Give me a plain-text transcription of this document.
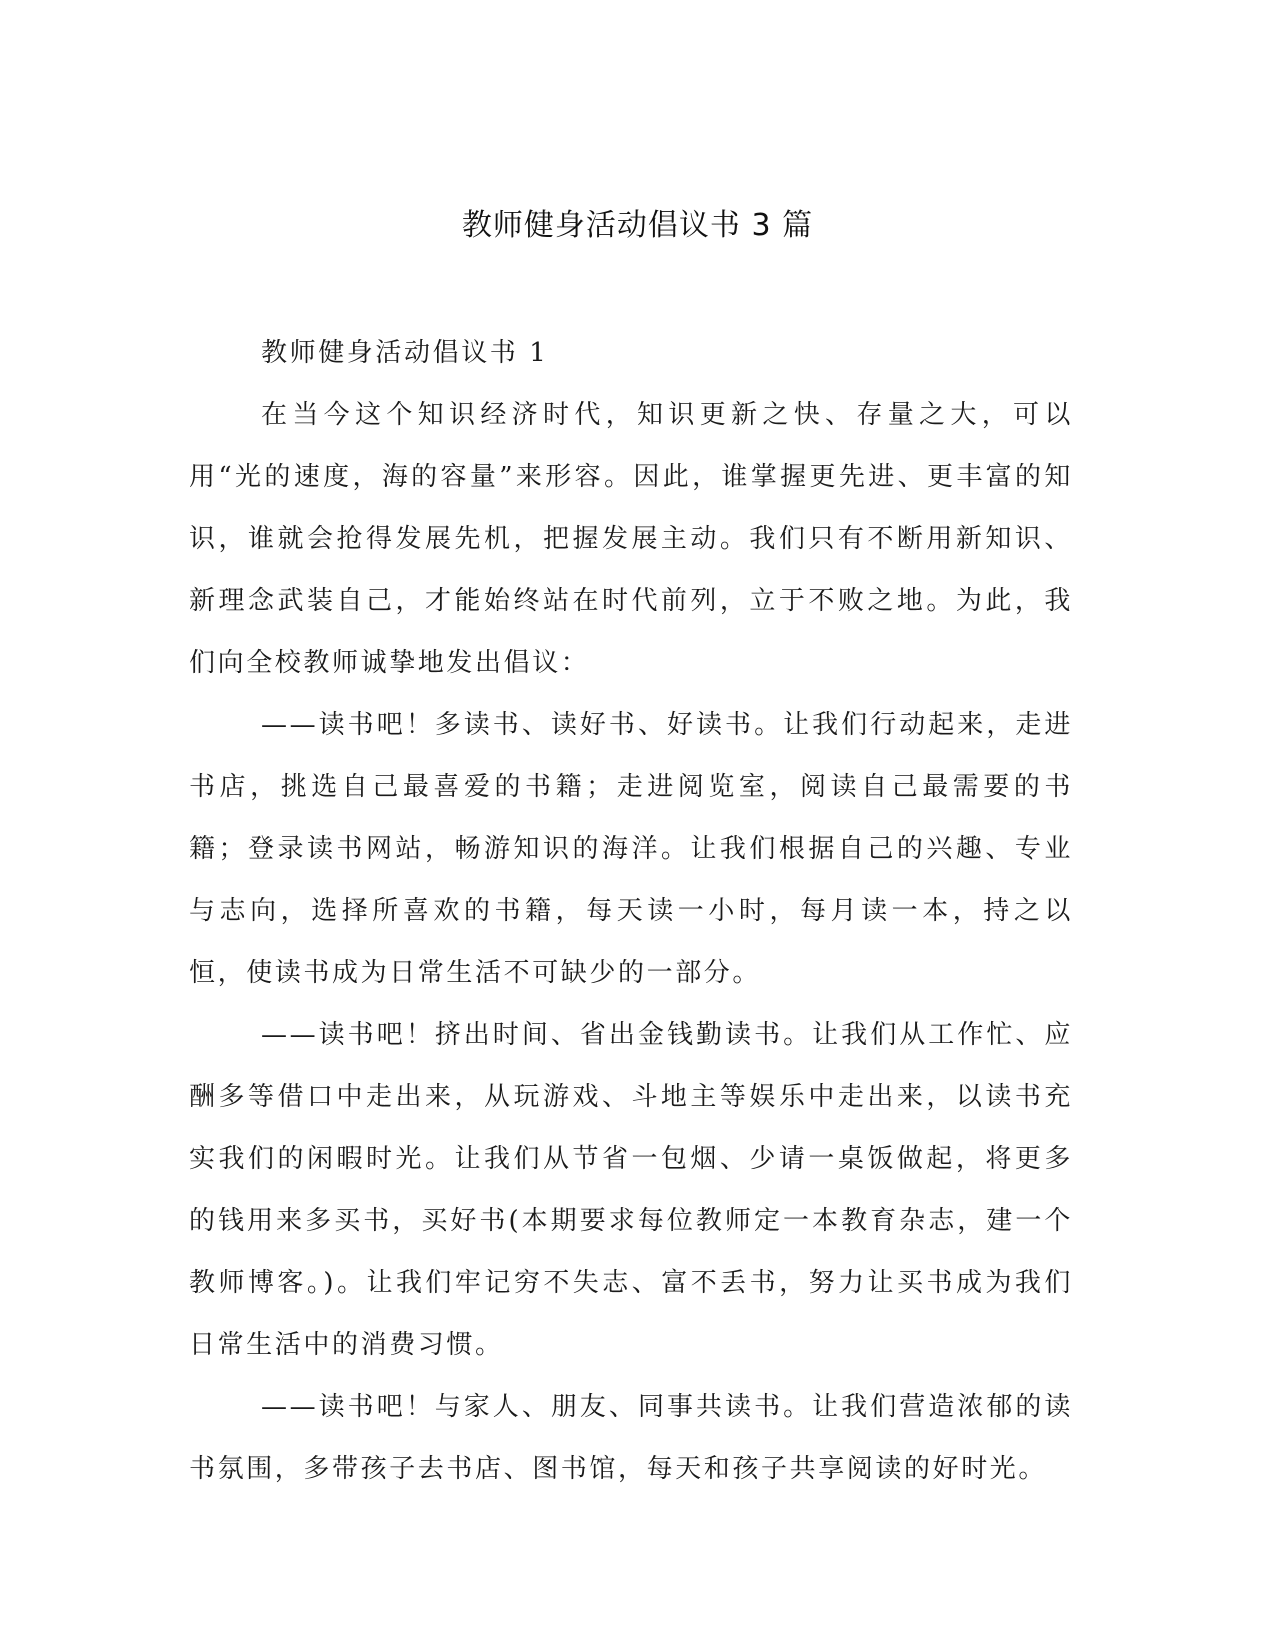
教师健身活动倡议书 3 篇

教师健身活动倡议书 1

在当今这个知识经济时代，知识更新之快、存量之大，可以用“光的速度，海的容量”来形容。因此，谁掌握更先进、更丰富的知识，谁就会抢得发展先机，把握发展主动。我们只有不断用新知识、新理念武装自己，才能始终站在时代前列，立于不败之地。为此，我们向全校教师诚挚地发出倡议：

——读书吧！多读书、读好书、好读书。让我们行动起来，走进书店，挑选自己最喜爱的书籍；走进阅览室，阅读自己最需要的书籍；登录读书网站，畅游知识的海洋。让我们根据自己的兴趣、专业与志向，选择所喜欢的书籍，每天读一小时，每月读一本，持之以恒，使读书成为日常生活不可缺少的一部分。

——读书吧！挤出时间、省出金钱勤读书。让我们从工作忙、应酬多等借口中走出来，从玩游戏、斗地主等娱乐中走出来，以读书充实我们的闲暇时光。让我们从节省一包烟、少请一桌饭做起，将更多的钱用来多买书，买好书(本期要求每位教师定一本教育杂志，建一个教师博客。)。让我们牢记穷不失志、富不丢书，努力让买书成为我们日常生活中的消费习惯。

——读书吧！与家人、朋友、同事共读书。让我们营造浓郁的读书氛围，多带孩子去书店、图书馆，每天和孩子共享阅读的好时光。
